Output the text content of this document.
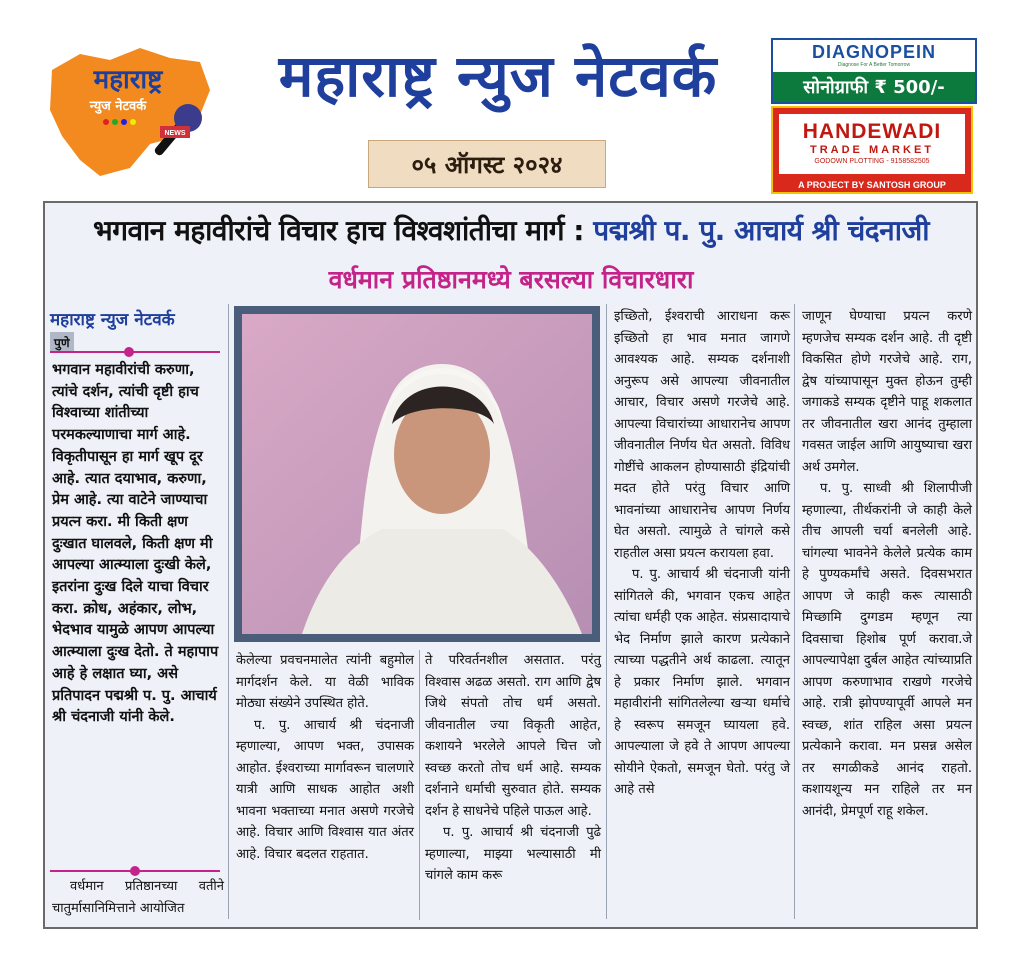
महाराष्ट्र
न्युज नेटवर्क
NEWS
महाराष्ट्र न्युज नेटवर्क
०५ ऑगस्ट २०२४
DIAGNOPEIN
Diagnose For A Better Tomorrow
सोनोग्राफी ₹ 500/-
HANDEWADI
TRADE MARKET
GODOWN PLOTTING - 9158582505
A PROJECT BY SANTOSH GROUP
भगवान महावीरांचे विचार हाच विश्वशांतीचा मार्ग : पद्मश्री प. पु. आचार्य श्री चंदनाजी
वर्धमान प्रतिष्ठानमध्ये बरसल्या विचारधारा
महाराष्ट्र न्युज नेटवर्क
पुणे
भगवान महावीरांची करुणा, त्यांचे दर्शन, त्यांची दृष्टी हाच विश्वाच्या शांतीच्या परमकल्याणाचा मार्ग आहे. विकृतीपासून हा मार्ग खूप दूर आहे. त्यात दयाभाव, करुणा, प्रेम आहे. त्या वाटेने जाण्याचा प्रयत्न करा. मी किती क्षण दुःखात घालवले, किती क्षण मी आपल्या आत्म्याला दुःखी केले, इतरांना दुःख दिले याचा विचार करा. क्रोध, अहंकार, लोभ, भेदभाव यामुळे आपण आपल्या आत्म्याला दुःख देतो. ते महापाप आहे हे लक्षात घ्या, असे प्रतिपादन पद्मश्री प. पु. आचार्य श्री चंदनाजी यांनी केले.
वर्धमान प्रतिष्ठानच्या वतीने चातुर्मासानिमित्ताने आयोजित

केलेल्या प्रवचनमालेत त्यांनी बहुमोल मार्गदर्शन केले. या वेळी भाविक मोठ्या संख्येने उपस्थित होते.

प. पु. आचार्य श्री चंदनाजी म्हणाल्या, आपण भक्त, उपासक आहोत. ईश्वराच्या मार्गावरून चालणारे यात्री आणि साधक आहोत अशी भावना भक्ताच्या मनात असणे गरजेचे आहे. विचार आणि विश्वास यात अंतर आहे. विचार बदलत राहतात.

ते परिवर्तनशील असतात. परंतु विश्वास अढळ असतो. राग आणि द्वेष जिथे संपतो तोच धर्म असतो. जीवनातील ज्या विकृती आहेत, कशायने भरलेले आपले चित्त जो स्वच्छ करतो तोच धर्म आहे. सम्यक दर्शनाने धर्माची सुरुवात होते. सम्यक दर्शन हे साधनेचे पहिले पाऊल आहे.

प. पु. आचार्य श्री चंदनाजी पुढे म्हणाल्या, माझ्या भल्यासाठी मी चांगले काम करू

इच्छितो, ईश्वराची आराधना करू इच्छितो हा भाव मनात जागणे आवश्यक आहे. सम्यक दर्शनाशी अनुरूप असे आपल्या जीवनातील आचार, विचार असणे गरजेचे आहे. आपल्या विचारांच्या आधारानेच आपण जीवनातील निर्णय घेत असतो. विविध गोष्टींचे आकलन होण्यासाठी इंद्रियांची मदत होते परंतु विचार आणि भावनांच्या आधारानेच आपण निर्णय घेत असतो. त्यामुळे ते चांगले कसे राहतील असा प्रयत्न करायला हवा.

प. पु. आचार्य श्री चंदनाजी यांनी सांगितले की, भगवान एकच आहेत त्यांचा धर्मही एक आहेत. संप्रसादायाचे भेद निर्माण झाले कारण प्रत्येकाने त्याच्या पद्धतीने अर्थ काढला. त्यातून हे प्रकार निर्माण झाले. भगवान महावीरांनी सांगितलेल्या खऱ्या धर्माचे हे स्वरूप समजून घ्यायला हवे. आपल्याला जे हवे ते आपण आपल्या सोयीने ऐकतो, समजून घेतो. परंतु जे आहे तसे

जाणून घेण्याचा प्रयत्न करणे म्हणजेच सम्यक दर्शन आहे. ती दृष्टी विकसित होणे गरजेचे आहे. राग, द्वेष यांच्यापासून मुक्त होऊन तुम्ही जगाकडे सम्यक दृष्टीने पाहू शकलात तर जीवनातील खरा आनंद तुम्हाला गवसत जाईल आणि आयुष्याचा खरा अर्थ उमगेल.

प. पु. साध्वी श्री शिलापीजी म्हणाल्या, तीर्थकरांनी जे काही केले तीच आपली चर्या बनलेली आहे. चांगल्या भावनेने केलेले प्रत्येक काम हे पुण्यकर्मांचे असते. दिवसभरात आपण जे काही करू त्यासाठी मिच्छामि दुग्गडम म्हणून त्या दिवसाचा हिशोब पूर्ण करावा.जे आपल्यापेक्षा दुर्बल आहेत त्यांच्याप्रति आपण करुणाभाव राखणे गरजेचे आहे. रात्री झोपण्यापूर्वी आपले मन स्वच्छ, शांत राहिल असा प्रयत्न प्रत्येकाने करावा. मन प्रसन्न असेल तर सगळीकडे आनंद राहतो. कशायशून्य मन राहिले तर मन आनंदी, प्रेमपूर्ण राहू शकेल.
